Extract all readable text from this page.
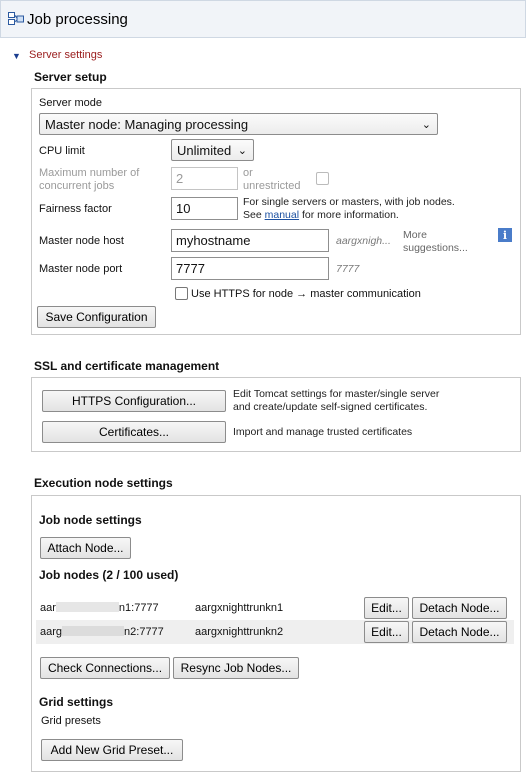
Job processing
▼ Server settings
Server setup
Server mode
Master node: Managing processing	⌄
CPU limit	Unlimited ⌄
Maximum number of
concurrent jobs	2	or
unrestricted
Fairness factor	10	For single servers or masters, with job nodes.
See manual for more information.
Master node host	myhostname	aargxnigh... More
suggestions...
i
Master node port	7777	7777
Use HTTPS for node → master communication
Save Configuration
SSL and certificate management
HTTPS Configuration...	Edit Tomcat settings for master/single server
and create/update self-signed certificates.
Certificates...	Import and manage trusted certificates
Execution node settings
Job node settings
Attach Node...
Job nodes (2 / 100 used)
aar	n1:7777	aargxnighttrunkn1	Edit...	Detach Node...
aarg	n2:7777	aargxnighttrunkn2	Edit...	Detach Node...
Check Connections...	Resync Job Nodes...
Grid settings
Grid presets
Add New Grid Preset...
